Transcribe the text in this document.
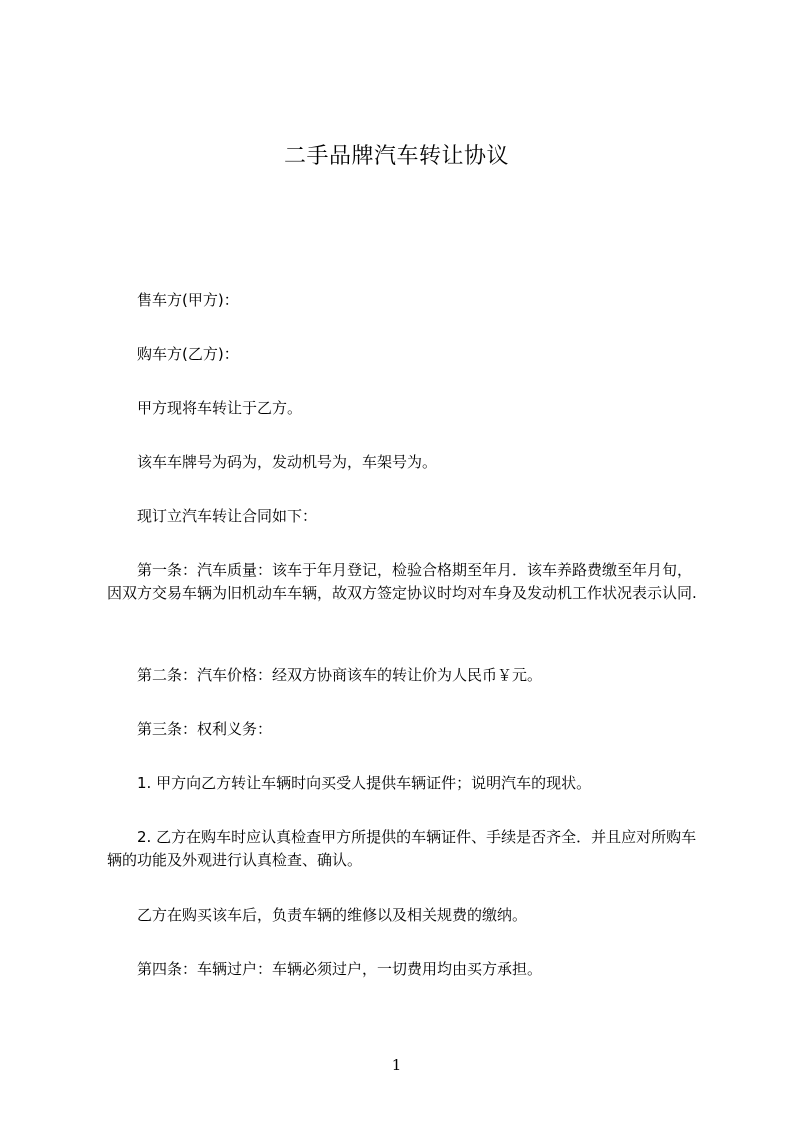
二手品牌汽车转让协议
售车方(甲方)：
购车方(乙方)：
甲方现将车转让于乙方。
该车车牌号为码为，发动机号为，车架号为。
现订立汽车转让合同如下：
第一条：汽车质量：该车于年月登记，检验合格期至年月．该车养路费缴至年月旬，因双方交易车辆为旧机动车车辆，故双方签定协议时均对车身及发动机工作状况表示认同.
第二条：汽车价格：经双方协商该车的转让价为人民币￥元。
第三条：权利义务：
1. 甲方向乙方转让车辆时向买受人提供车辆证件；说明汽车的现状。
2. 乙方在购车时应认真检查甲方所提供的车辆证件、手续是否齐全．并且应对所购车辆的功能及外观进行认真检查、确认。
乙方在购买该车后，负责车辆的维修以及相关规费的缴纳。
第四条：车辆过户：车辆必须过户，一切费用均由买方承担。
1
